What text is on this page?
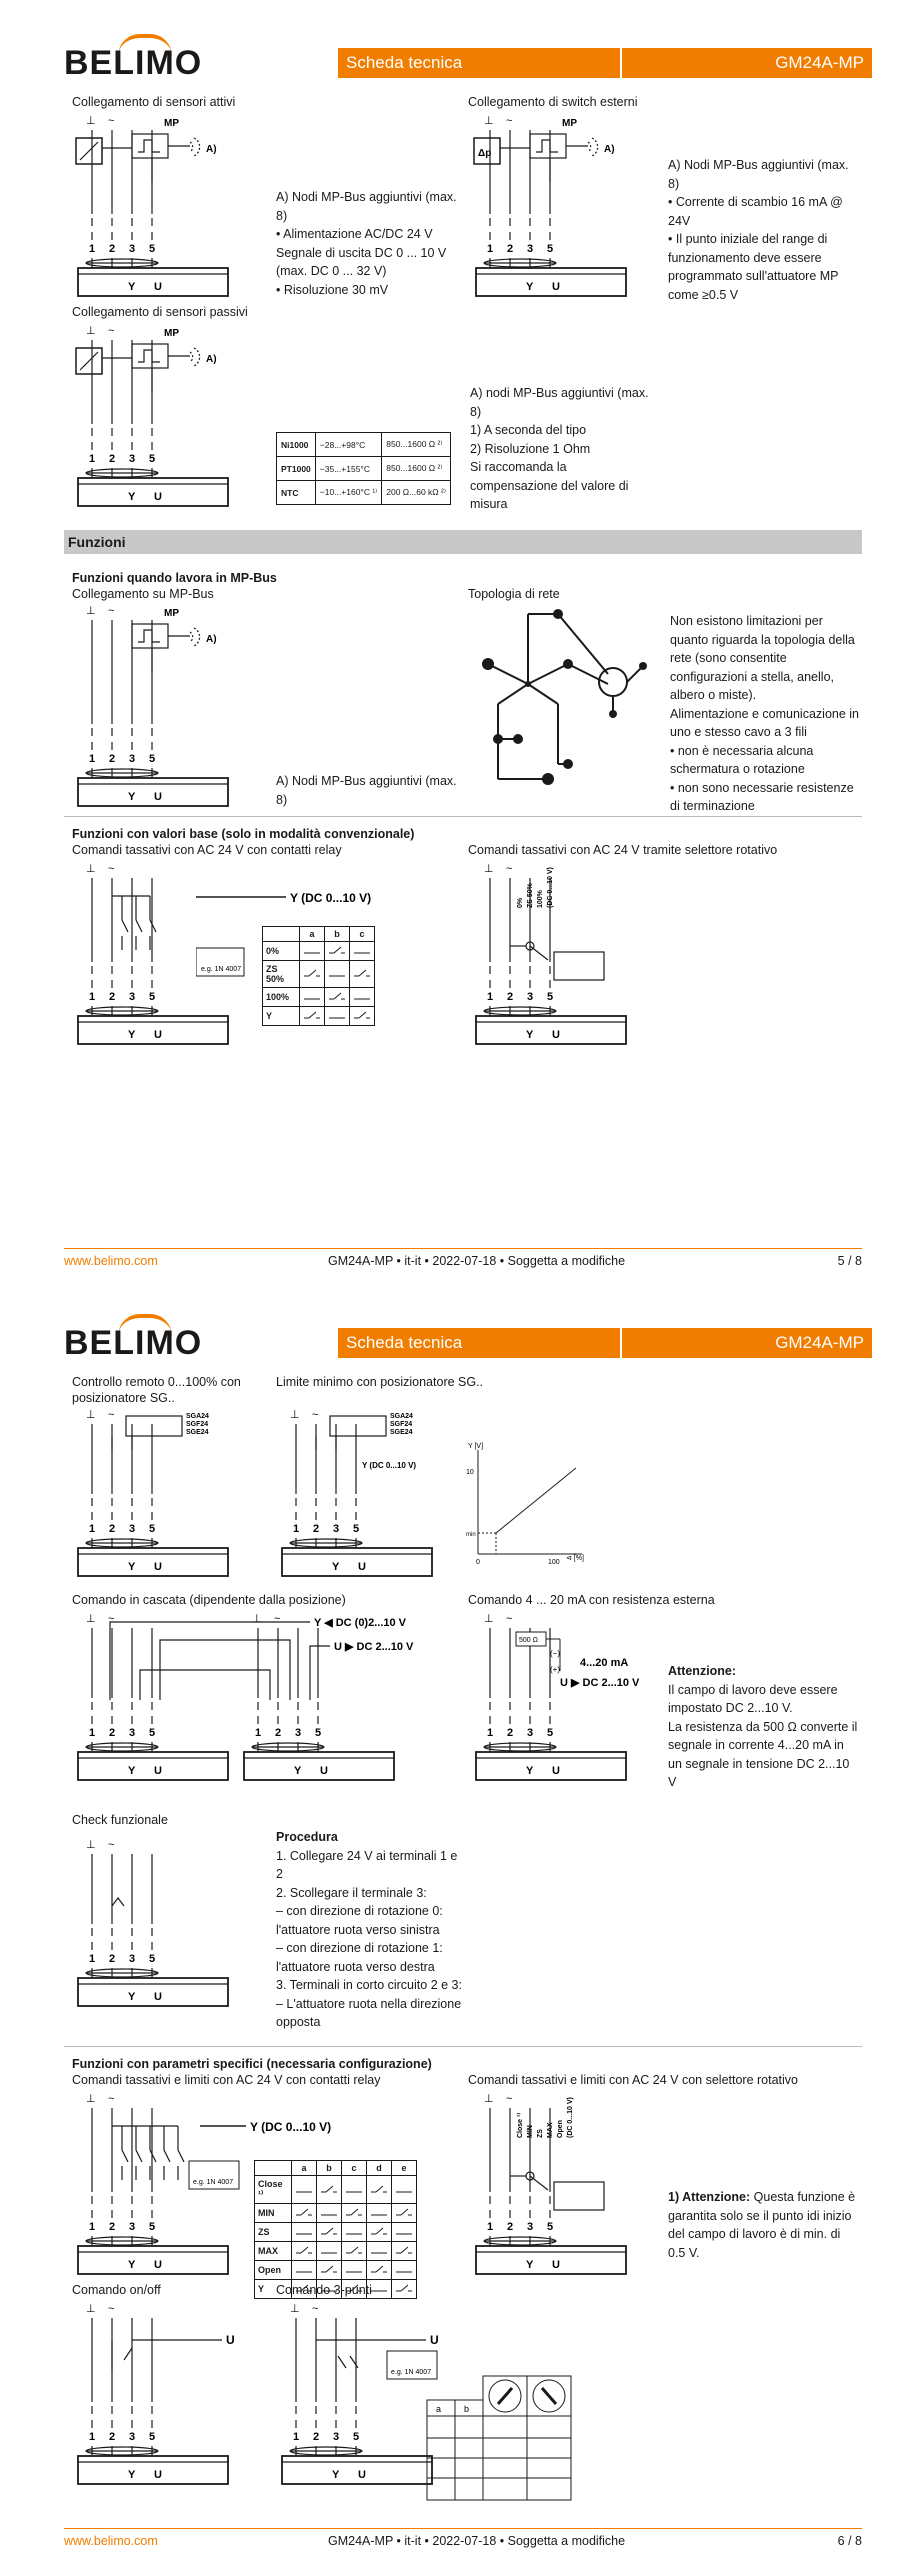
BELIMO	Scheda tecnica	GM24A-MP
Collegamento di sensori attivi
⊥ ~
1 2 3 5
Y U
MP
A)
A) Nodi MP-Bus aggiuntivi (max. 8)
• Alimentazione AC/DC 24 V
Segnale di uscita DC 0 ... 10 V (max. DC 0 ... 32 V)
• Risoluzione 30 mV
Collegamento di switch esterni
⊥ ~
1 2 3 5
Y U
MP
A)
Δp
A) Nodi MP-Bus aggiuntivi (max. 8)
• Corrente di scambio 16 mA @ 24V
• Il punto iniziale del range di funzionamento deve essere programmato sull'attuatore MP come ≥0.5 V
Collegamento di sensori passivi
⊥ ~
1 2 3 5
Y U
MP
A)
Ni1000	−28...+98°C	850...1600 Ω ²⁾
PT1000	−35...+155°C	850...1600 Ω ²⁾
NTC	−10...+160°C ¹⁾	200 Ω...60 kΩ ²⁾
A) nodi MP-Bus aggiuntivi (max. 8)
1) A seconda del tipo
2) Risoluzione 1 Ohm
Si raccomanda la compensazione del valore di misura
Funzioni
Funzioni quando lavora in MP-Bus
Collegamento su MP-Bus
⊥ ~
1 2 3 5
Y U
MP
A)
A) Nodi MP-Bus aggiuntivi (max. 8)
Topologia di rete
Non esistono limitazioni per quanto riguarda la topologia della rete (sono consentite configurazioni a stella, anello, albero o miste).
Alimentazione e comunicazione in uno e stesso cavo a 3 fili
• non è necessaria alcuna schermatura o rotazione
• non sono necessarie resistenze di terminazione
Funzioni con valori base (solo in modalità convenzionale)
Comandi tassativi con AC 24 V con contatti relay
⊥ ~
1 2 3 5
Y U
Y (DC 0...10 V)
e.g. 1N 4007
	a	b	c
0%			
ZS 50%			
100%			
Y			
Comandi tassativi con AC 24 V tramite selettore rotativo
⊥ ~
1 2 3 5
Y U
0% ZS 50% 100% (DC 0...10 V)
www.belimo.com	GM24A-MP • it-it • 2022-07-18 • Soggetta a modifiche	5 / 8
BELIMO	Scheda tecnica	GM24A-MP
Controllo remoto 0...100% con posizionatore SG..
⊥ ~
1 2 3 5
Y U
SGA24
SGF24
SGE24
Limite minimo con posizionatore SG..
⊥ ~
1 2 3 5
Y U
SGA24
SGF24
SGE24
Y (DC 0...10 V)
Y [V]
10
min
0	100
⊲ [%]
Comando in cascata (dipendente dalla posizione)
⊥ ~
1 2 3 5
Y U
⊥ ~
1 2 3 5
Y U
Y ◀ DC (0)2...10 V
U ▶ DC 2...10 V
Comando 4 ... 20 mA con resistenza esterna
⊥ ~
1 2 3 5
Y U
500 Ω
(−)
(+)
4...20 mA
U ▶ DC 2...10 V
Attenzione:
Il campo di lavoro deve essere impostato DC 2...10 V.
La resistenza da 500 Ω converte il segnale in corrente 4...20 mA in un segnale in tensione DC 2...10 V
Check funzionale
⊥ ~
1 2 3 5
Y U
Procedura
1. Collegare 24 V ai terminali 1 e 2
2. Scollegare il terminale 3:
– con direzione di rotazione 0: l'attuatore ruota verso sinistra
– con direzione di rotazione 1: l'attuatore ruota verso destra
3. Terminali in corto circuito 2 e 3:
– L'attuatore ruota nella direzione opposta
Funzioni con parametri specifici (necessaria configurazione)
Comandi tassativi e limiti con AC 24 V con contatti relay
⊥ ~
1 2 3 5
Y U
Y (DC 0...10 V)
e.g. 1N 4007
	a	b	c	d	e
Close ¹⁾					
MIN					
ZS					
MAX					
Open					
Y					
Comandi tassativi e limiti con AC 24 V con selettore rotativo
⊥ ~
1 2 3 5
Y U
Close ¹⁾ MIN ZS MAX Open (DC 0...10 V)
1) Attenzione: Questa funzione è garantita solo se il punto idi inizio del campo di lavoro è di min. di 0.5 V.
Comando on/off
⊥ ~
1 2 3 5
Y U
U
Comando 3-punti
⊥ ~
1 2 3 5
Y U
U
e.g. 1N 4007
a	b
www.belimo.com	GM24A-MP • it-it • 2022-07-18 • Soggetta a modifiche	6 / 8
